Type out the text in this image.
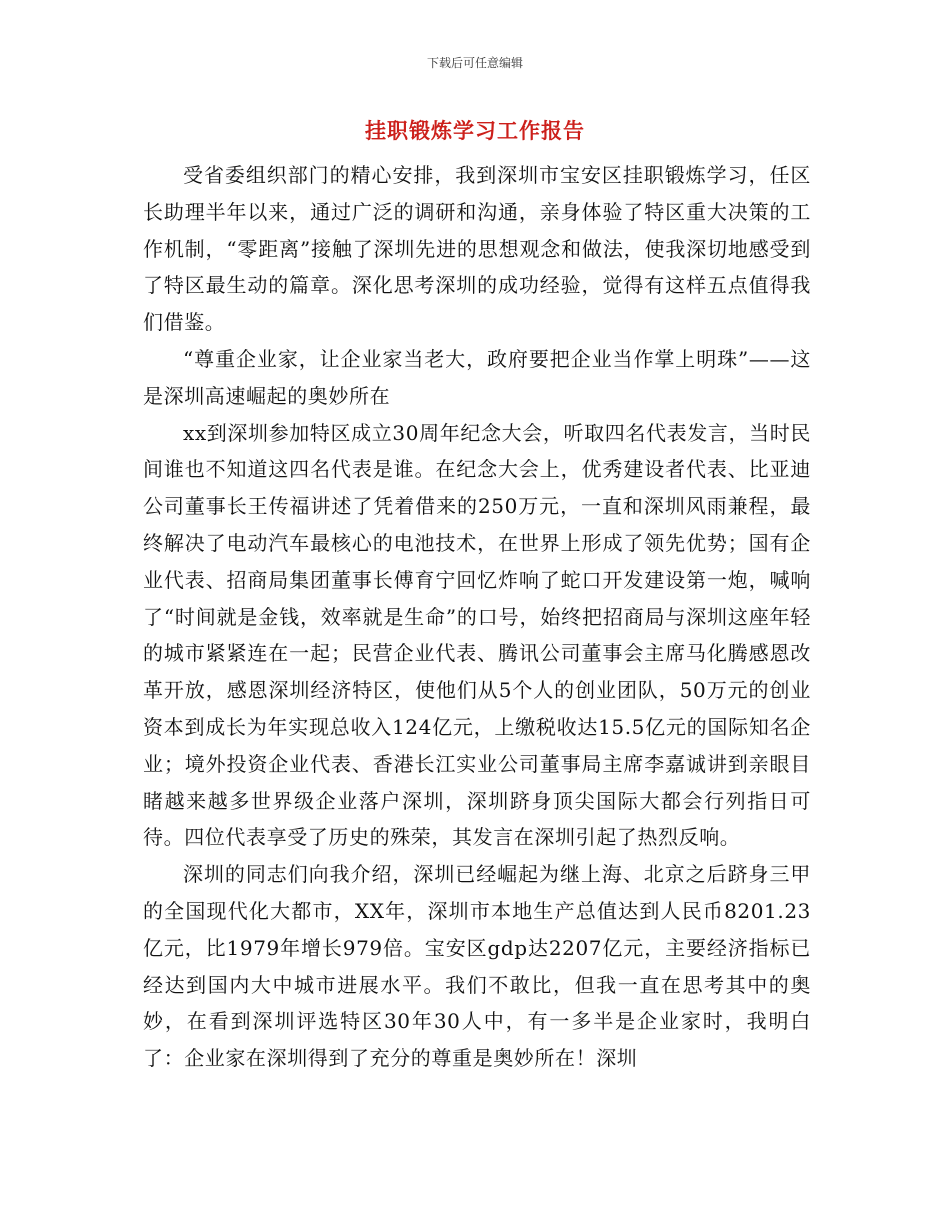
下载后可任意编辑
挂职锻炼学习工作报告

受省委组织部门的精心安排，我到深圳市宝安区挂职锻炼学习，任区长助理半年以来，通过广泛的调研和沟通，亲身体验了特区重大决策的工作机制，“零距离”接触了深圳先进的思想观念和做法，使我深切地感受到了特区最生动的篇章。深化思考深圳的成功经验，觉得有这样五点值得我们借鉴。

“尊重企业家，让企业家当老大，政府要把企业当作掌上明珠”——这是深圳高速崛起的奥妙所在

xx到深圳参加特区成立30周年纪念大会，听取四名代表发言，当时民间谁也不知道这四名代表是谁。在纪念大会上，优秀建设者代表、比亚迪公司董事长王传福讲述了凭着借来的250万元，一直和深圳风雨兼程，最终解决了电动汽车最核心的电池技术，在世界上形成了领先优势；国有企业代表、招商局集团董事长傅育宁回忆炸响了蛇口开发建设第一炮，喊响了“时间就是金钱，效率就是生命”的口号，始终把招商局与深圳这座年轻的城市紧紧连在一起；民营企业代表、腾讯公司董事会主席马化腾感恩改革开放，感恩深圳经济特区，使他们从5个人的创业团队，50万元的创业资本到成长为年实现总收入124亿元，上缴税收达15.5亿元的国际知名企业；境外投资企业代表、香港长江实业公司董事局主席李嘉诚讲到亲眼目睹越来越多世界级企业落户深圳，深圳跻身顶尖国际大都会行列指日可待。四位代表享受了历史的殊荣，其发言在深圳引起了热烈反响。

深圳的同志们向我介绍，深圳已经崛起为继上海、北京之后跻身三甲的全国现代化大都市，XX年，深圳市本地生产总值达到人民币8201.23亿元，比1979年增长979倍。宝安区gdp达2207亿元，主要经济指标已经达到国内大中城市进展水平。我们不敢比，但我一直在思考其中的奥妙，在看到深圳评选特区30年30人中，有一多半是企业家时，我明白了：企业家在深圳得到了充分的尊重是奥妙所在！深圳
